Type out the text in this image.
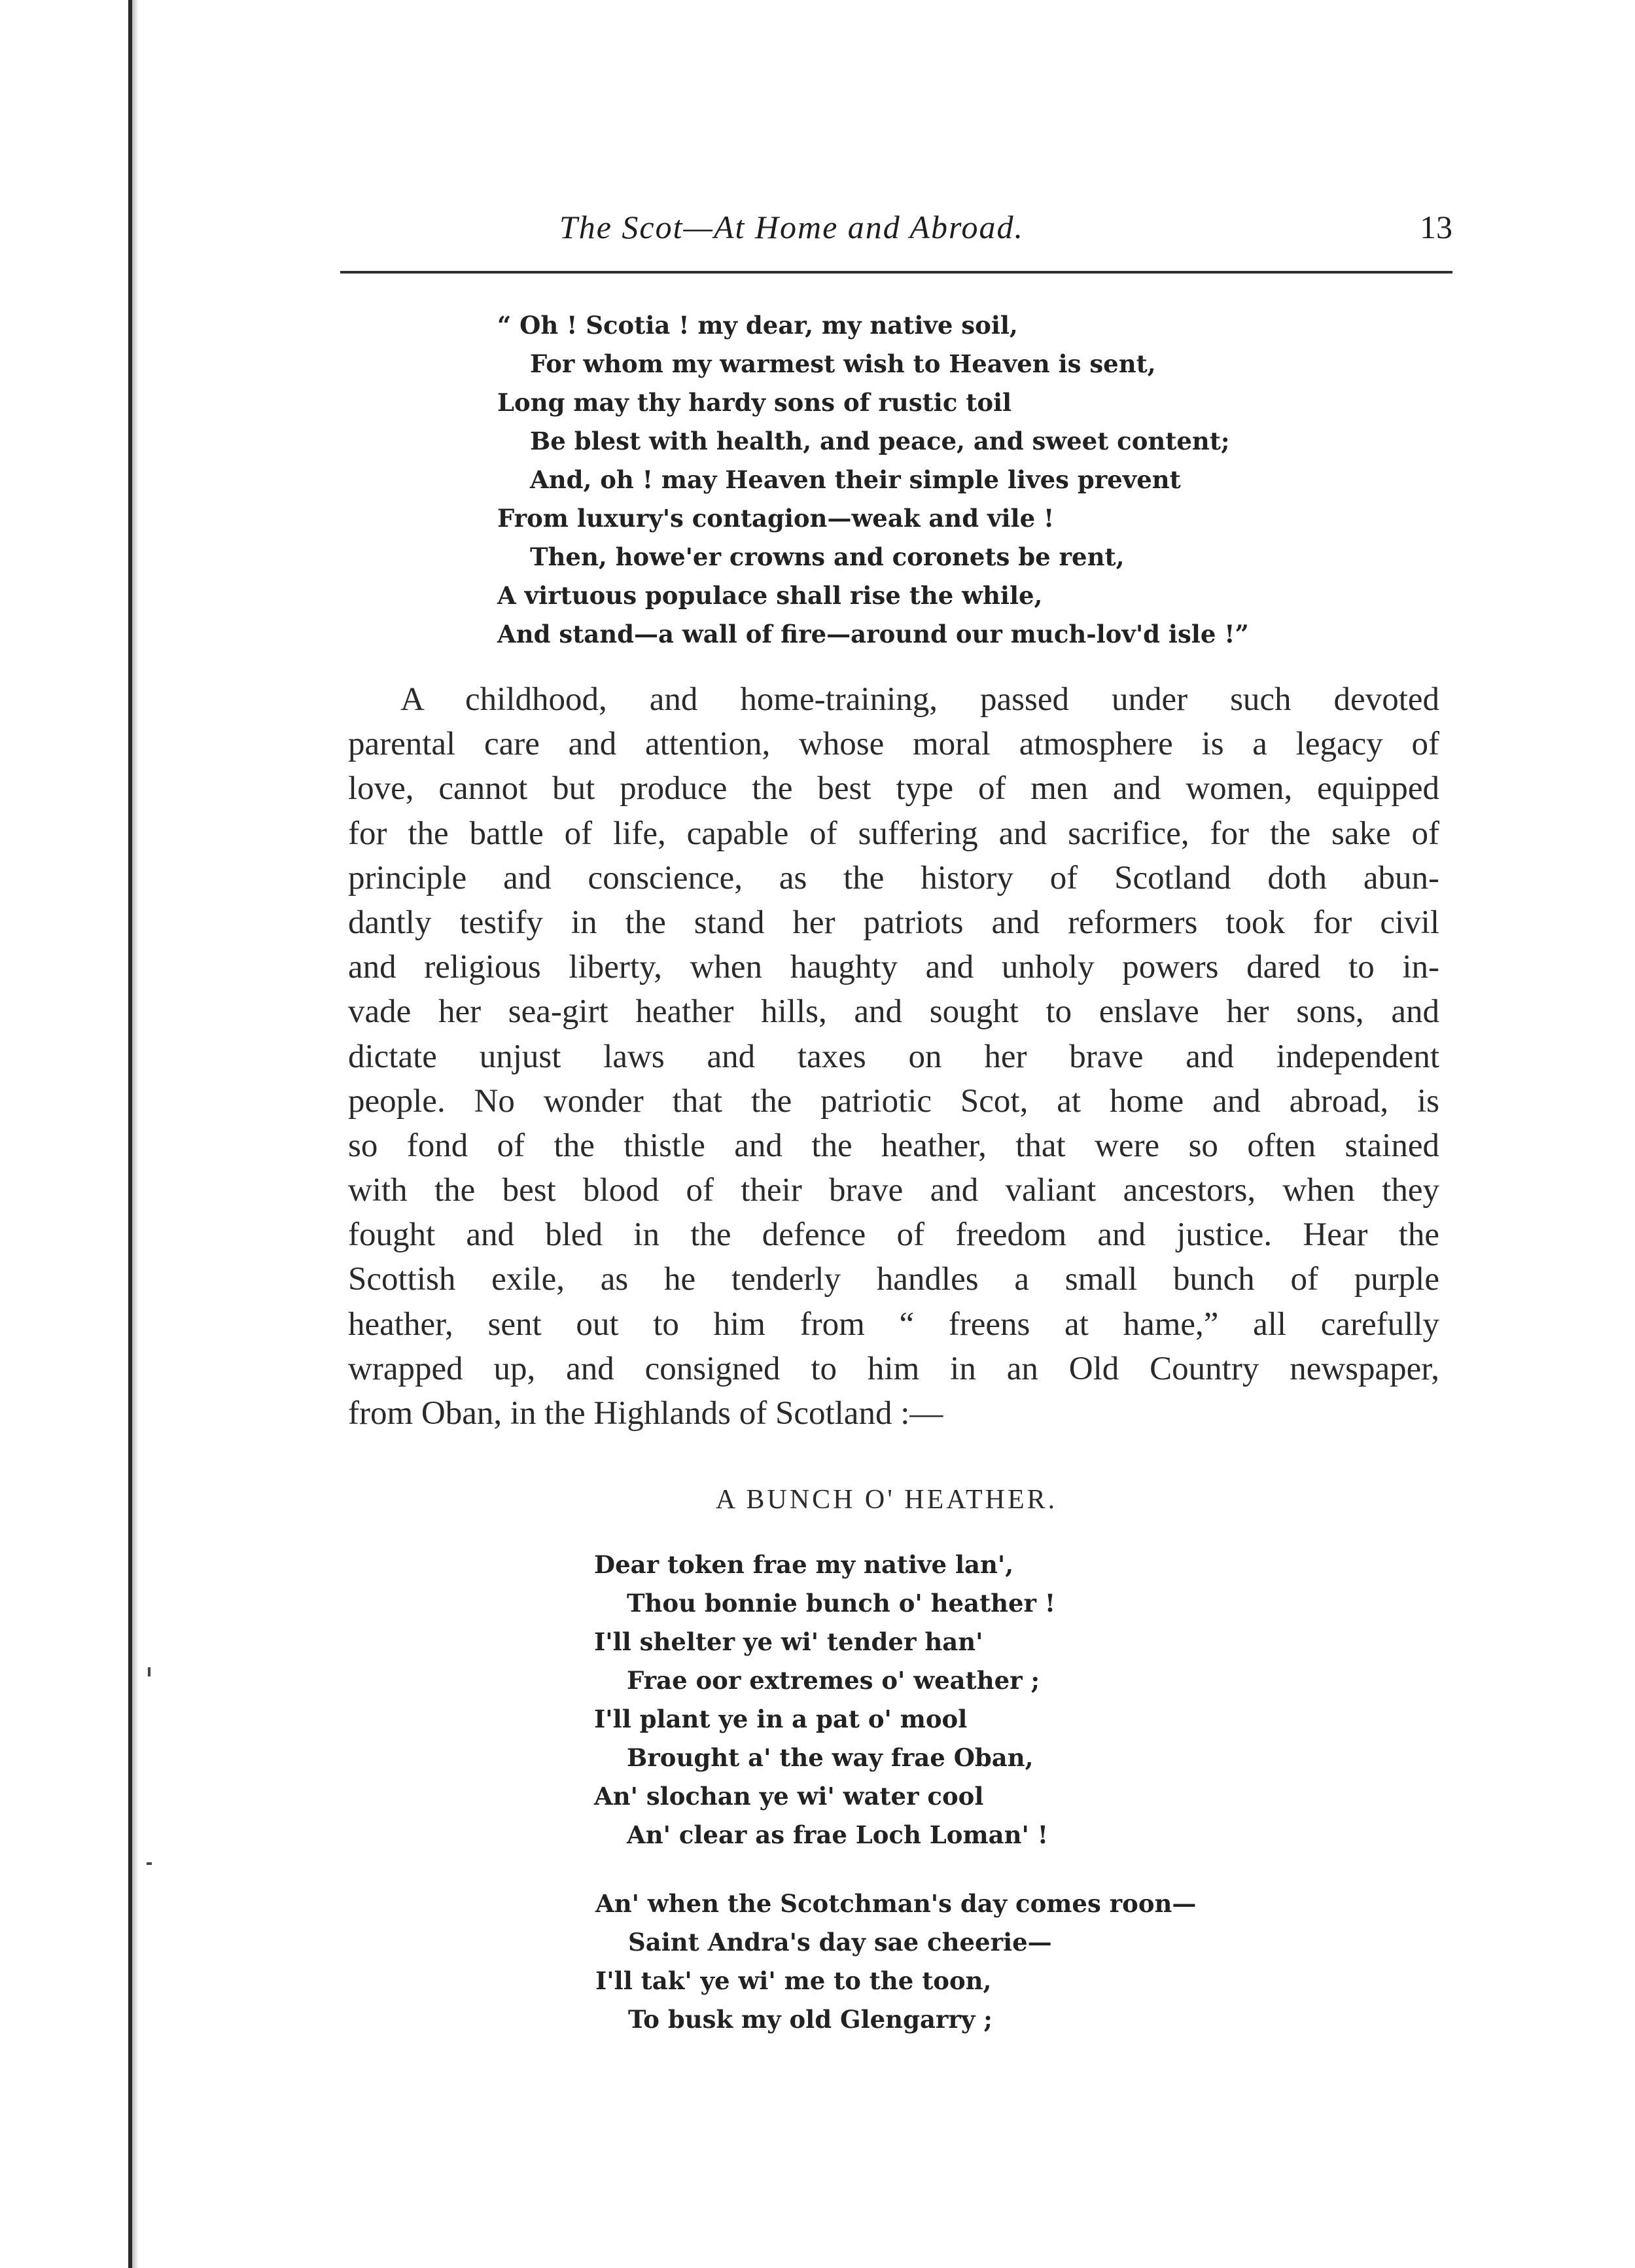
The Scot—At Home and Abroad.	13
“ Oh ! Scotia ! my dear, my native soil,
For whom my warmest wish to Heaven is sent,
Long may thy hardy sons of rustic toil
Be blest with health, and peace, and sweet content;
And, oh ! may Heaven their simple lives prevent
From luxury's contagion—weak and vile !
Then, howe'er crowns and coronets be rent,
A virtuous populace shall rise the while,
And stand—a wall of fire—around our much-lov'd isle !”
A childhood, and home-training, passed under such devoted
parental care and attention, whose moral atmosphere is a legacy of
love, cannot but produce the best type of men and women, equipped
for the battle of life, capable of suffering and sacrifice, for the sake of
principle and conscience, as the history of Scotland doth abun-
dantly testify in the stand her patriots and reformers took for civil
and religious liberty, when haughty and unholy powers dared to in-
vade her sea-girt heather hills, and sought to enslave her sons, and
dictate unjust laws and taxes on her brave and independent
people. No wonder that the patriotic Scot, at home and abroad, is
so fond of the thistle and the heather, that were so often stained
with the best blood of their brave and valiant ancestors, when they
fought and bled in the defence of freedom and justice. Hear the
Scottish exile, as he tenderly handles a small bunch of purple
heather, sent out to him from “ freens at hame,” all carefully
wrapped up, and consigned to him in an Old Country newspaper,
from Oban, in the Highlands of Scotland :—
A BUNCH O' HEATHER.
Dear token frae my native lan',
Thou bonnie bunch o' heather !
I'll shelter ye wi' tender han'
Frae oor extremes o' weather ;
I'll plant ye in a pat o' mool
Brought a' the way frae Oban,
An' slochan ye wi' water cool
An' clear as frae Loch Loman' !
An' when the Scotchman's day comes roon—
Saint Andra's day sae cheerie—
I'll tak' ye wi' me to the toon,
To busk my old Glengarry ;
